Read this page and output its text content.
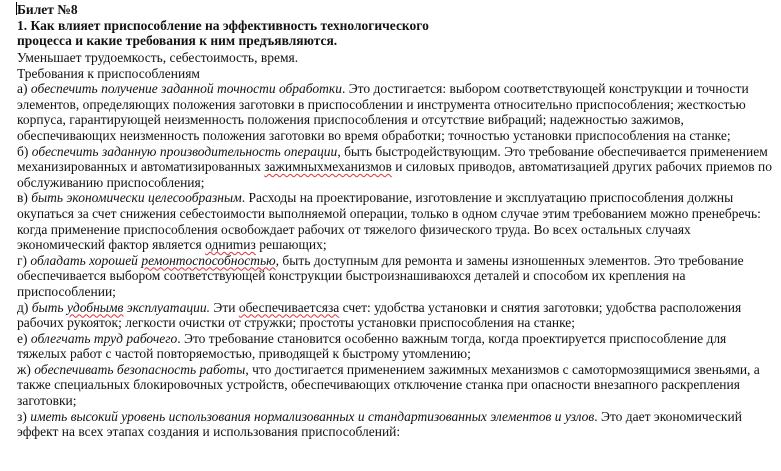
Билет №8
1. Как влияет приспособление на эффективность технологического
процесса и какие требования к ним предъявляются.
Уменьшает трудоемкость, себестоимость, время.
Требования к приспособлениям
а) обеспечить получение заданной точности обработки. Это достигается: выбором соответствующей конструкции и точности элементов, определяющих положения заготовки в приспособлении и инструмента относительно приспособления; жесткостью корпуса, гарантирующей неизменность положения приспособления и отсутствие вибраций; надежностью зажимов, обеспечивающих неизменность положения заготовки во время обработки; точностью установки приспособления на станке;
б) обеспечить заданную производительность операции, быть быстродействующим. Это требование обеспечивается применением механизированных и автоматизированных зажимныхмеханизмов и силовых приводов, автоматизацией других рабочих приемов по обслуживанию приспособления;
в) быть экономически целесообразным. Расходы на проектирование, изготовление и эксплуатацию приспособления должны окупаться за счет снижения себестоимости выполняемой операции, только в одном случае этим требованием можно пренебречь: когда применение приспособления освобождает рабочих от тяжелого физического труда. Во всех остальных случаях экономический фактор является одниmиз решающих;
г) обладать хорошей ремонтоспособностью, быть доступным для ремонта и замены изношенных элементов. Это требование обеспечивается выбором соответствующей конструкции быстроизнашиваюхся деталей и способом их крепления на приспособлении;
д) быть удобнымв эксплуатации. Эти обеспечиваетсяза счет: удобства установки и снятия заготовки; удобства расположения рабочих рукояток; легкости очистки от стружки; простоты установки приспособления на станке;
е) облегчать труд рабочего. Это требование становится особенно важным тогда, когда проектируется приспособление для тяжелых работ с частой повторяемостью, приводящей к быстрому утомлению;
ж) обеспечивать безопасность работы, что достигается применением зажимных механизмов с самотормозящимися звеньями, а также специальных блокировочных устройств, обеспечивающих отключение станка при опасности внезапного раскрепления заготовки;
з) иметь высокий уровень использования нормализованных и стандартизованных элементов и узлов. Это дает экономический эффект на всех этапах создания и использования приспособлений:
